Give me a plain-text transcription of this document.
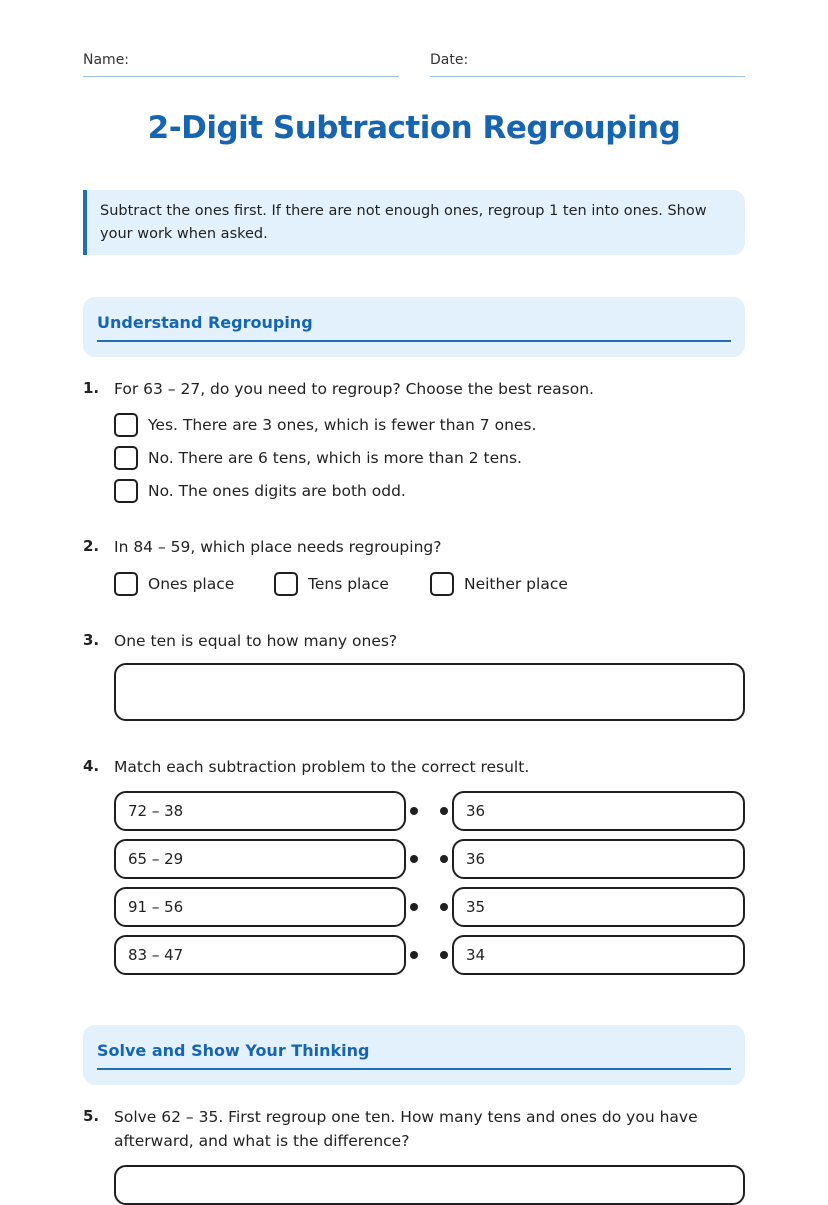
Name:	Date:
2-Digit Subtraction Regrouping
Subtract the ones first. If there are not enough ones, regroup 1 ten into ones. Show your work when asked.
Understand Regrouping
1. For 63 – 27, do you need to regroup? Choose the best reason.
Yes. There are 3 ones, which is fewer than 7 ones.
No. There are 6 tens, which is more than 2 tens.
No. The ones digits are both odd.
2. In 84 – 59, which place needs regrouping?
Ones place	Tens place	Neither place
3. One ten is equal to how many ones?
4. Match each subtraction problem to the correct result.
72 – 38	36
65 – 29	36
91 – 56	35
83 – 47	34
Solve and Show Your Thinking
5. Solve 62 – 35. First regroup one ten. How many tens and ones do you have afterward, and what is the difference?
